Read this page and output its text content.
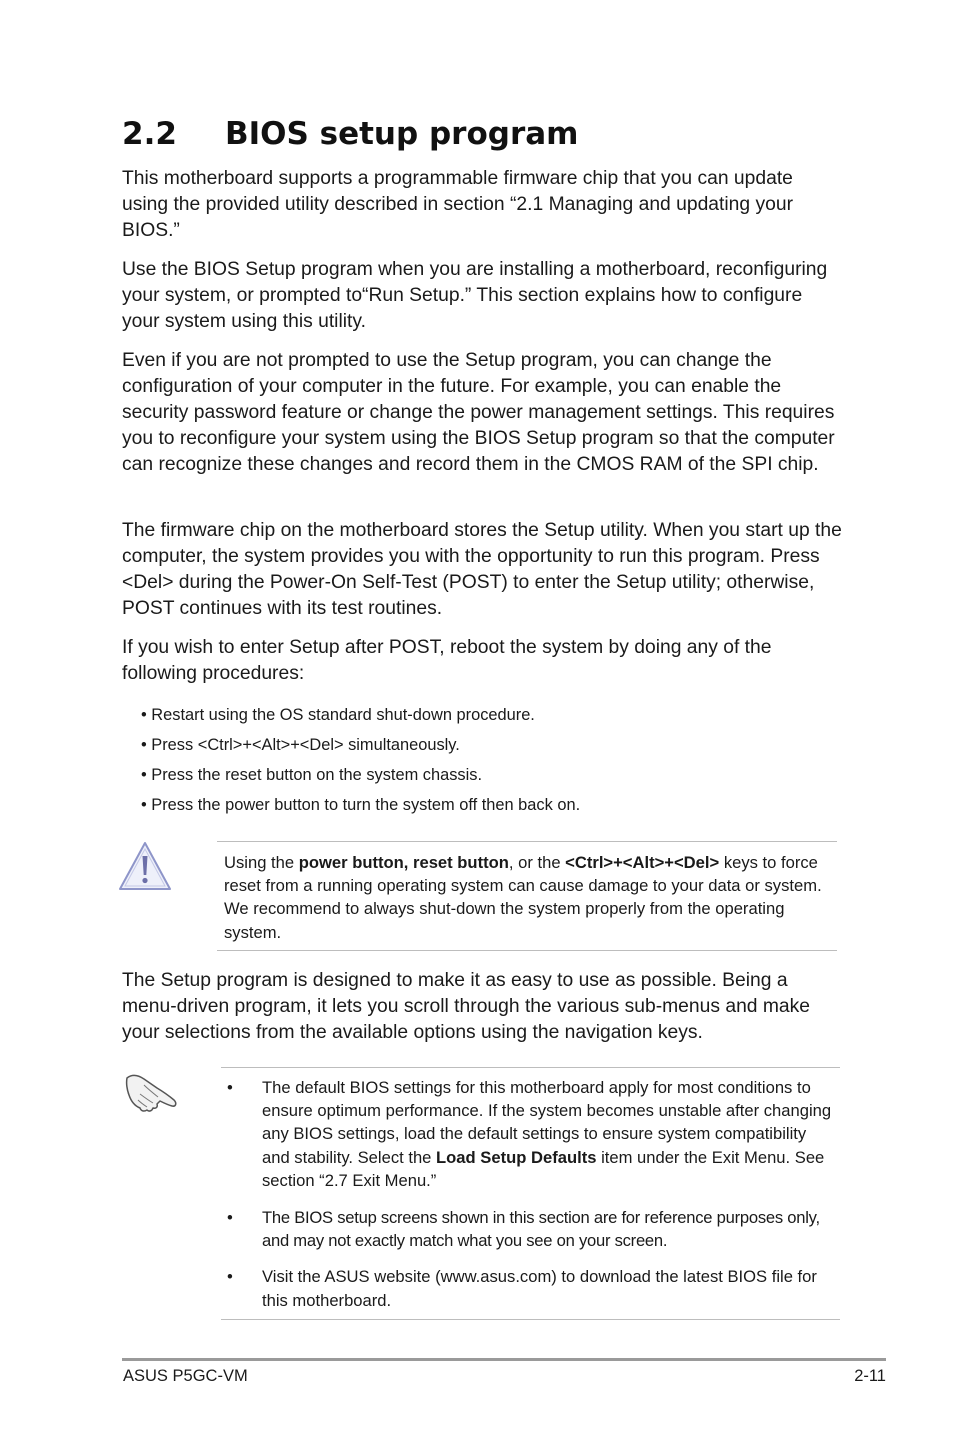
2.2 BIOS setup program

This motherboard supports a programmable firmware chip that you can update using the provided utility described in section “2.1 Managing and updating your BIOS.”

Use the BIOS Setup program when you are installing a motherboard, reconfiguring your system, or prompted to“Run Setup.” This section explains how to configure your system using this utility.

Even if you are not prompted to use the Setup program, you can change the configuration of your computer in the future. For example, you can enable the security password feature or change the power management settings. This requires you to reconfigure your system using the BIOS Setup program so that the computer can recognize these changes and record them in the CMOS RAM of the SPI chip.

The firmware chip on the motherboard stores the Setup utility. When you start up the computer, the system provides you with the opportunity to run this program. Press <Del> during the Power-On Self-Test (POST) to enter the Setup utility; otherwise, POST continues with its test routines.

If you wish to enter Setup after POST, reboot the system by doing any of the following procedures:

• Restart using the OS standard shut-down procedure.
• Press <Ctrl>+<Alt>+<Del> simultaneously.
• Press the reset button on the system chassis.
• Press the power button to turn the system off then back on.

Using the power button, reset button, or the <Ctrl>+<Alt>+<Del> keys to force reset from a running operating system can cause damage to your data or system. We recommend to always shut-down the system properly from the operating system.

The Setup program is designed to make it as easy to use as possible. Being a menu-driven program, it lets you scroll through the various sub-menus and make your selections from the available options using the navigation keys.

• The default BIOS settings for this motherboard apply for most conditions to ensure optimum performance. If the system becomes unstable after changing any BIOS settings, load the default settings to ensure system compatibility and stability. Select the Load Setup Defaults item under the Exit Menu. See section “2.7 Exit Menu.”
• The BIOS setup screens shown in this section are for reference purposes only, and may not exactly match what you see on your screen.
• Visit the ASUS website (www.asus.com) to download the latest BIOS file for this motherboard.
ASUS P5GC-VM	2-11
